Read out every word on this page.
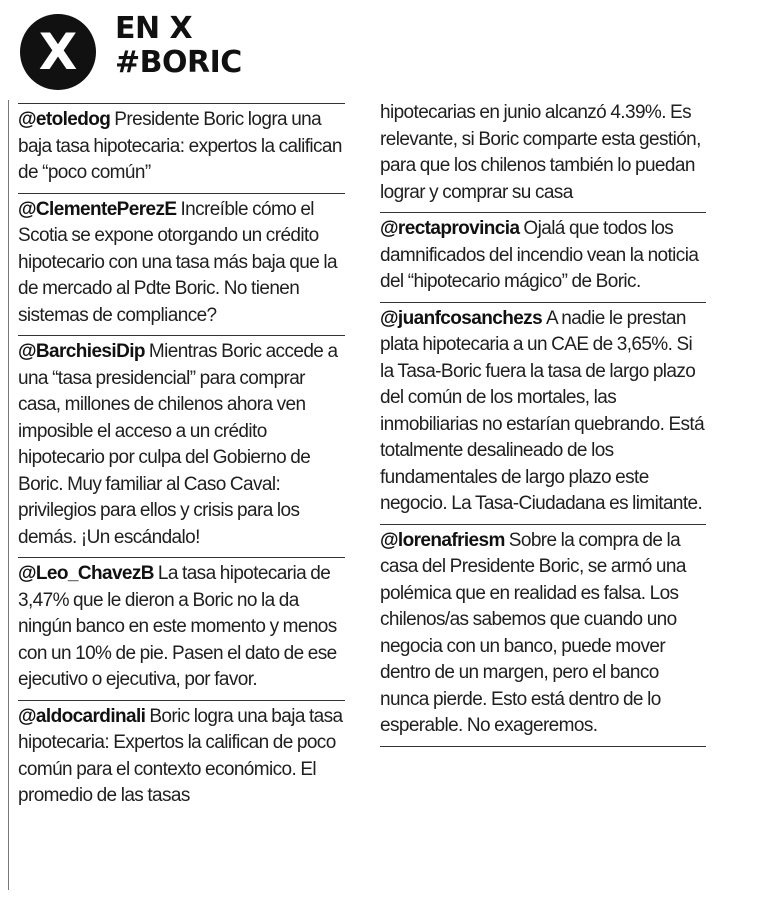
X	EN X
#BORIC

@etoledog Presidente Boric logra una baja tasa hipotecaria: expertos la califican de “poco común”

@ClementePerezE Increíble cómo el Scotia se expone otorgando un crédito hipotecario con una tasa más baja que la de mercado al Pdte Boric. No tienen sistemas de compliance?

@BarchiesiDip Mientras Boric accede a una “tasa presidencial” para comprar casa, millones de chilenos ahora ven imposible el acceso a un crédito hipotecario por culpa del Gobierno de Boric. Muy familiar al Caso Caval: privilegios para ellos y crisis para los demás. ¡Un escándalo!

@Leo_ChavezB La tasa hipotecaria de 3,47% que le dieron a Boric no la da ningún banco en este momento y menos con un 10% de pie. Pasen el dato de ese ejecutivo o ejecutiva, por favor.

@aldocardinali Boric logra una baja tasa hipotecaria: Expertos la califican de poco común para el contexto económico. El promedio de las tasas

hipotecarias en junio alcanzó 4.39%. Es relevante, si Boric comparte esta gestión, para que los chilenos también lo puedan lograr y comprar su casa

@rectaprovincia Ojalá que todos los damnificados del incendio vean la noticia del “hipotecario mágico” de Boric.

@juanfcosanchezs A nadie le prestan plata hipotecaria a un CAE de 3,65%. Si la Tasa-Boric fuera la tasa de largo plazo del común de los mortales, las inmobiliarias no estarían quebrando. Está totalmente desalineado de los fundamentales de largo plazo este negocio. La Tasa-Ciudadana es limitante.

@lorenafriesm Sobre la compra de la casa del Presidente Boric, se armó una polémica que en realidad es falsa. Los chilenos/as sabemos que cuando uno negocia con un banco, puede mover dentro de un margen, pero el banco nunca pierde. Esto está dentro de lo esperable. No exageremos.
